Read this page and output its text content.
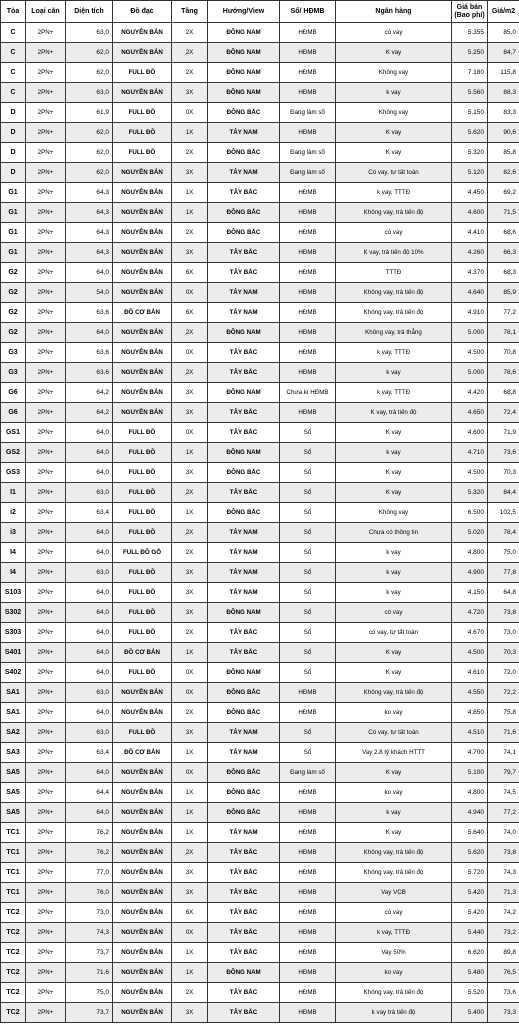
Tòa	Loại căn	Diện tích	Đồ đạc	Tầng	Hướng/View	Sổ/ HĐMB	Ngân hàng	Giá bán (Bao phí)	Giá/m2
C	2PN+	63,0	NGUYÊN BẢN	2X	ĐÔNG NAM	HĐMB	có vay	5.355	85,0
C	2PN+	62,0	NGUYÊN BẢN	2X	ĐÔNG NAM	HĐMB	K vay	5.250	84,7
C	2PN+	62,0	FULL ĐỒ	2X	ĐÔNG NAM	HĐMB	Không vay	7.180	115,8
C	2PN+	63,0	NGUYÊN BẢN	3X	ĐÔNG NAM	HĐMB	k vay	5.560	88,3
D	2PN+	61,9	FULL ĐỒ	0X	ĐÔNG BẮC	Đang làm sổ	Không vay	5.150	83,3
D	2PN+	62,0	FULL ĐỒ	1X	TÂY NAM	HĐMB	K vay	5.620	90,6
D	2PN+	62,0	FULL ĐỒ	2X	ĐÔNG BẮC	Đang làm sổ	K vay	5.320	85,8
D	2PN+	62,0	NGUYÊN BẢN	3X	TÂY NAM	Đang làm sổ	Có vay, tự tất toán	5.120	82,6
G1	2PN+	64,3	NGUYÊN BẢN	1X	TÂY BẮC	HĐMB	k vay, TTTĐ	4.450	69,2
G1	2PN+	64,3	NGUYÊN BẢN	1X	ĐÔNG BẮC	HĐMB	Không vay, trả tiến độ	4.600	71,5
G1	2PN+	64,3	NGUYÊN BẢN	2X	ĐÔNG BẮC	HĐMB	có vay	4.410	68,6
G1	2PN+	64,3	NGUYÊN BẢN	3X	TÂY BẮC	HĐMB	K vay, trả tiến độ 10%	4.260	66,3
G2	2PN+	64,0	NGUYÊN BẢN	6X	TÂY BẮC	HĐMB	TTTĐ	4.370	68,3
G2	2PN+	54,0	NGUYÊN BẢN	0X	TÂY NAM	HĐMB	Không vay, trả tiến độ	4.640	85,9
G2	2PN+	63,6	ĐỒ CƠ BẢN	6X	TÂY NAM	HĐMB	Không vay, trả tiến độ	4.910	77,2
G2	2PN+	64,0	NGUYÊN BẢN	2X	ĐÔNG NAM	HĐMB	Không vay, trả thẳng	5.000	78,1
G3	2PN+	63,6	NGUYÊN BẢN	0X	TÂY BẮC	HĐMB	k vay, TTTĐ	4.500	70,8
G3	2PN+	63,6	NGUYÊN BẢN	2X	TÂY BẮC	HĐMB	k vay	5.000	78,6
G6	2PN+	64,2	NGUYÊN BẢN	3X	ĐÔNG NAM	Chưa kí HĐMB	k vay, TTTĐ	4.420	68,8
G6	2PN+	64,2	NGUYÊN BẢN	3X	TÂY BẮC	HĐMB	K vay, trả tiến độ	4.650	72,4
GS1	2PN+	64,0	FULL ĐỒ	0X	TÂY BẮC	Sổ	K vay	4.600	71,9
GS2	2PN+	64,0	FULL ĐỒ	1X	ĐÔNG NAM	Sổ	k vay	4.710	73,6
GS3	2PN+	64,0	FULL ĐỒ	3X	ĐÔNG BẮC	Sổ	K vay	4.500	70,3
I1	2PN+	63,0	FULL ĐỒ	2X	TÂY BẮC	Sổ	K vay	5.320	84,4
i2	2PN+	63,4	FULL ĐỒ	1X	ĐÔNG BẮC	Sổ	Không vay	6.500	102,5
i3	2PN+	64,0	FULL ĐỒ	2X	TÂY NAM	Sổ	Chưa có thông tin	5.020	78,4
I4	2PN+	64,0	FULL ĐỒ GỖ	2X	TÂY NAM	Sổ	k vay	4.800	75,0
I4	2PN+	63,0	FULL ĐỒ	3X	TÂY NAM	Sổ	k vay	4.900	77,8
S103	2PN+	64,0	FULL ĐỒ	3X	TÂY NAM	Sổ	k vay	4.150	64,8
S302	2PN+	64,0	FULL ĐỒ	3X	ĐÔNG NAM	Sổ	có vay	4.720	73,8
S303	2PN+	64,0	FULL ĐỒ	2X	TÂY BẮC	Sổ	có vay, tự tất toán	4.670	73,0
S401	2PN+	64,0	ĐỒ CƠ BẢN	1X	TÂY BẮC	Sổ	K vay	4.500	70,3
S402	2PN+	64,0	FULL ĐỒ	0X	ĐÔNG NAM	Sổ	K vay	4.610	72,0
SA1	2PN+	63,0	NGUYÊN BẢN	0X	ĐÔNG BẮC	HĐMB	Không vay, trả tiến độ	4.550	72,2
SA1	2PN+	64,0	NGUYÊN BẢN	2X	ĐÔNG BẮC	HĐMB	ko vay	4.850	75,8
SA2	2PN+	63,0	FULL ĐỒ	3X	TÂY NAM	Sổ	Có vay, tự tất toán	4.510	71,6
SA3	2PN+	63,4	ĐỒ CƠ BẢN	1X	TÂY NAM	Sổ	Vay 2.8 tỷ khách HTTT	4.700	74,1
SA5	2PN+	64,0	NGUYÊN BẢN	0X	ĐÔNG BẮC	Đang làm sổ	K vay	5.100	79,7
SA5	2PN+	64,4	NGUYÊN BẢN	1X	ĐÔNG BẮC	HĐMB	ko vay	4.800	74,5
SA5	2PN+	64,0	NGUYÊN BẢN	1X	ĐÔNG BẮC	HĐMB	k vay	4.940	77,2
TC1	2PN+	76,2	NGUYÊN BẢN	1X	TÂY NAM	HĐMB	K vay	5.640	74,0
TC1	2PN+	76,2	NGUYÊN BẢN	2X	TÂY BẮC	HĐMB	Không vay, trả tiến độ	5.620	73,8
TC1	2PN+	77,0	NGUYÊN BẢN	3X	TÂY BẮC	HĐMB	Không vay, trả tiến độ	5.720	74,3
TC1	2PN+	76,0	NGUYÊN BẢN	3X	TÂY BẮC	HĐMB	Vay VCB	5.420	71,3
TC2	2PN+	73,0	NGUYÊN BẢN	6X	TÂY BẮC	HĐMB	có vay	5.420	74,2
TC2	2PN+	74,3	NGUYÊN BẢN	0X	TÂY BẮC	HĐMB	k vay, TTTĐ	5.440	73,2
TC2	2PN+	73,7	NGUYÊN BẢN	1X	TÂY BẮC	HĐMB	Vay 50%	6.620	89,8
TC2	2PN+	71,6	NGUYÊN BẢN	1X	ĐÔNG NAM	HĐMB	ko vay	5.480	76,5
TC2	2PN+	75,0	NGUYÊN BẢN	2X	TÂY BẮC	HĐMB	Không vay, trả tiến độ	5.520	73,6
TC2	2PN+	73,7	NGUYÊN BẢN	3X	TÂY BẮC	HĐMB	k vay trả tiến độ	5.400	73,3
